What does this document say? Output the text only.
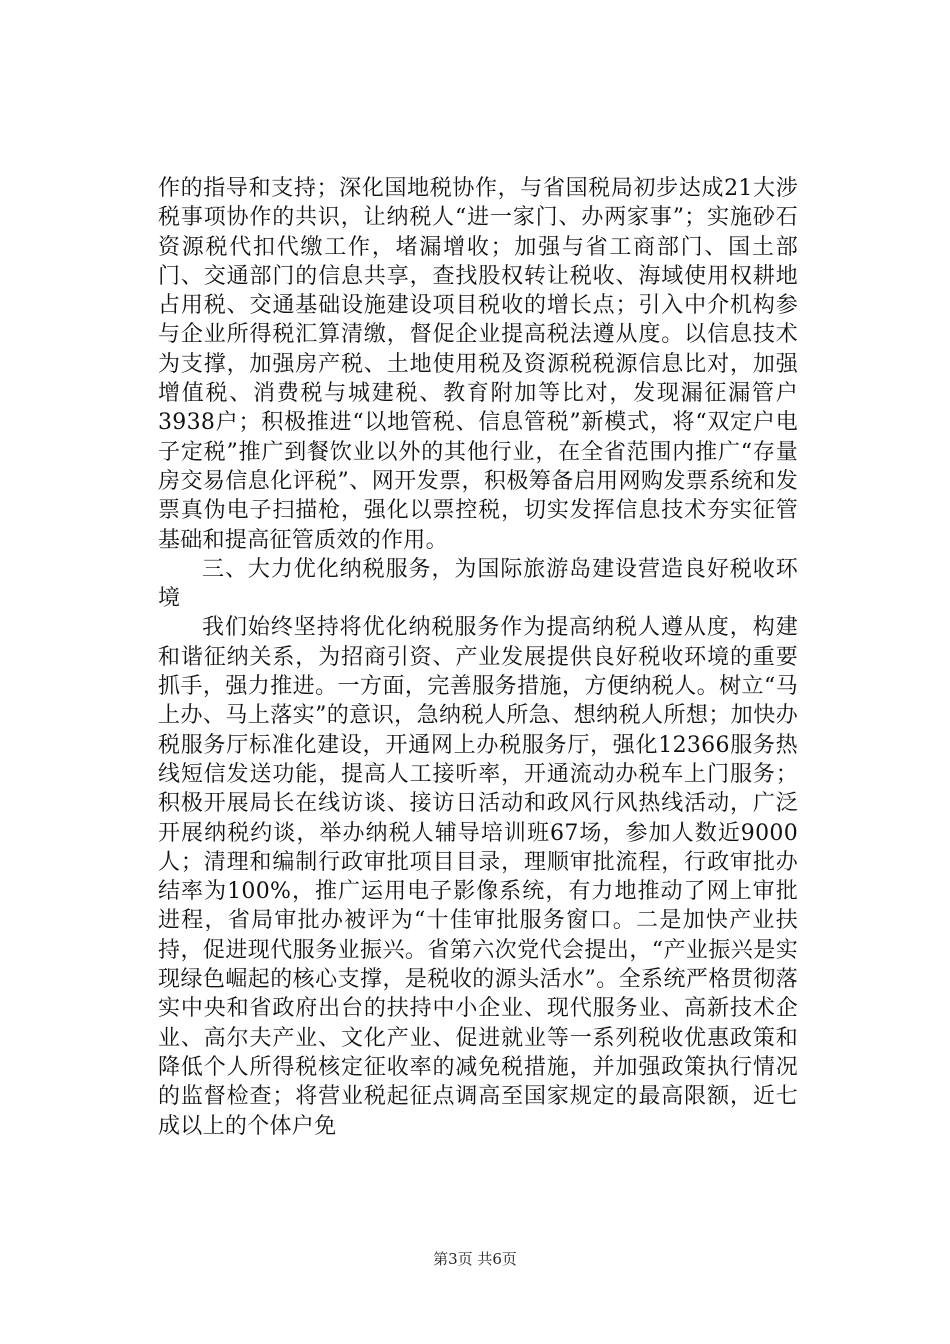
作的指导和支持；深化国地税协作，与省国税局初步达成21大涉税事项协作的共识，让纳税人“进一家门、办两家事”；实施砂石资源税代扣代缴工作，堵漏增收；加强与省工商部门、国土部门、交通部门的信息共享，查找股权转让税收、海域使用权耕地占用税、交通基础设施建设项目税收的增长点；引入中介机构参与企业所得税汇算清缴，督促企业提高税法遵从度。以信息技术为支撑，加强房产税、土地使用税及资源税税源信息比对，加强增值税、消费税与城建税、教育附加等比对，发现漏征漏管户3938户；积极推进“以地管税、信息管税”新模式，将“双定户电子定税”推广到餐饮业以外的其他行业，在全省范围内推广“存量房交易信息化评税”、网开发票，积极筹备启用网购发票系统和发票真伪电子扫描枪，强化以票控税，切实发挥信息技术夯实征管基础和提高征管质效的作用。

三、大力优化纳税服务，为国际旅游岛建设营造良好税收环境

我们始终坚持将优化纳税服务作为提高纳税人遵从度，构建和谐征纳关系，为招商引资、产业发展提供良好税收环境的重要抓手，强力推进。一方面，完善服务措施，方便纳税人。树立“马上办、马上落实”的意识，急纳税人所急、想纳税人所想；加快办税服务厅标准化建设，开通网上办税服务厅，强化12366服务热线短信发送功能，提高人工接听率，开通流动办税车上门服务；积极开展局长在线访谈、接访日活动和政风行风热线活动，广泛开展纳税约谈，举办纳税人辅导培训班67场，参加人数近9000人；清理和编制行政审批项目目录，理顺审批流程，行政审批办结率为100%，推广运用电子影像系统，有力地推动了网上审批进程，省局审批办被评为“十佳审批服务窗口。二是加快产业扶持，促进现代服务业振兴。省第六次党代会提出，“产业振兴是实现绿色崛起的核心支撑，是税收的源头活水”。全系统严格贯彻落实中央和省政府出台的扶持中小企业、现代服务业、高新技术企业、高尔夫产业、文化产业、促进就业等一系列税收优惠政策和降低个人所得税核定征收率的减免税措施，并加强政策执行情况的监督检查；将营业税起征点调高至国家规定的最高限额，近七成以上的个体户免

第3页 共6页
